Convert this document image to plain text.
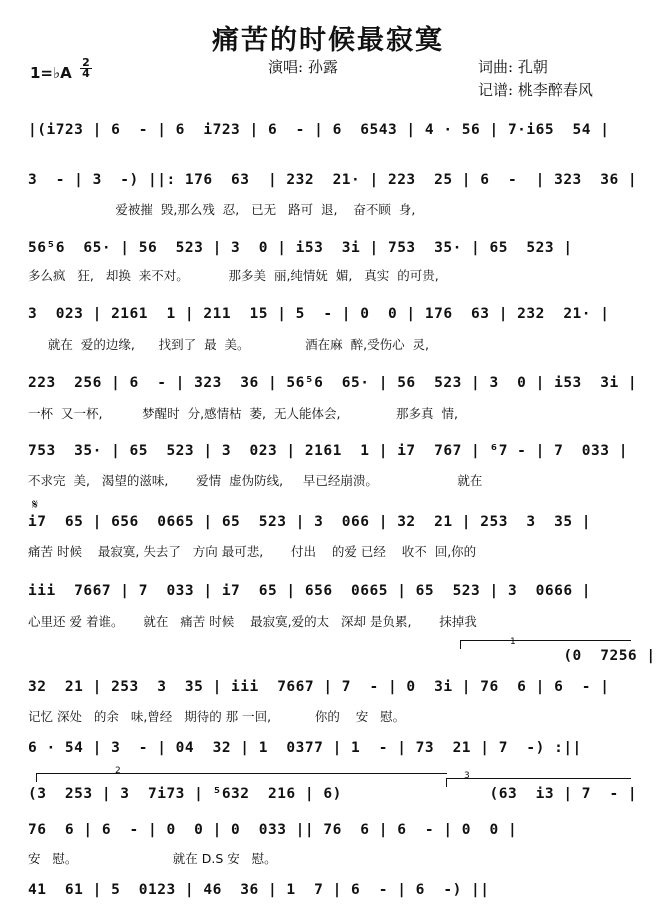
痛苦的时候最寂寞
1=♭A
2
4	演唱: 孙露	词曲: 孔朝
记谱: 桃李醉春风
|(i723 | 6  - | 6  i723 | 6  - | 6  6543 | 4 · 56 | 7·i65  54 |
3  - | 3  -) ||: 176  63  | 232  21· | 223  25 | 6  -  | 323  36 |
爱被摧  毁,那么残  忍,   已无   路可  退,    奋不顾  身,
56⁵6  65· | 56  523 | 3  0 | i53  3i | 753  35· | 65  523 |
多么疯   狂,   却换  来不对。          那多美  丽,纯情妩  媚,   真实  的可贵,
3  023 | 2161  1 | 211  15 | 5  - | 0  0 | 176  63 | 232  21· |
就在  爱的边缘,      找到了  最  美。              酒在麻  醉,受伤心  灵,
223  256 | 6  - | 323  36 | 56⁵6  65· | 56  523 | 3  0 | i53  3i |
一杯  又一杯,          梦醒时  分,感情枯  萎,  无人能体会,              那多真  情,
753  35· | 65  523 | 3  023 | 2161  1 | i7  767 | ⁶7 - | 7  033 |
不求完  美,   渴望的滋味,       爱情  虚伪防线,     早已经崩溃。                    就在
𝄋
i7  65 | 656  0665 | 65  523 | 3  066 | 32  21 | 253  3  35 |
痛苦 时候    最寂寞, 失去了   方向 最可悲,       付出    的爱 已经    收不  回,你的
iii  7667 | 7  033 | i7  65 | 656  0665 | 65  523 | 3  0666 |
心里还 爱 着谁。     就在   痛苦 时候    最寂寞,爱的太   深却 是负累,       抹掉我
1
(0  7256 |
32  21 | 253  3  35 | iii  7667 | 7  - | 0  3i | 76  6 | 6  - |
记忆 深处   的余   味,曾经   期待的 那 一回,           你的    安   慰。
6 · 54 | 3  - | 04  32 | 1  0377 | 1  - | 73  21 | 7  -) :||
2	3
(3  253 | 3  7i73 | ⁵632  216 | 6)                (63  i3 | 7  - |
76  6 | 6  - | 0  0 | 0  033 || 76  6 | 6  - | 0  0 |
安   慰。                        就在 D.S 安   慰。
41  61 | 5  0123 | 46  36 | 1  7 | 6  - | 6  -) ||
